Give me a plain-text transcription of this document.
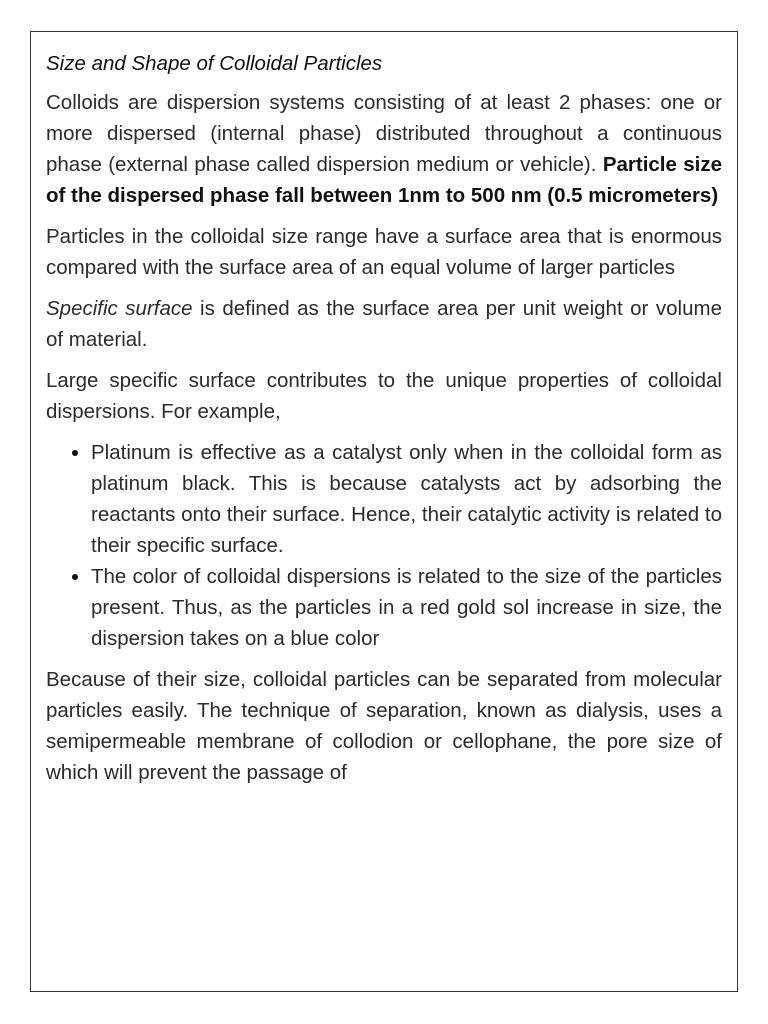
Size and Shape of Colloidal Particles

Colloids are dispersion systems consisting of at least 2 phases: one or more dispersed (internal phase) distributed throughout a continuous phase (external phase called dispersion medium or vehicle). Particle size of the dispersed phase fall between 1nm to 500 nm (0.5 micrometers)

Particles in the colloidal size range have a surface area that is enormous compared with the surface area of an equal volume of larger particles

Specific surface is defined as the surface area per unit weight or volume of material.

Large specific surface contributes to the unique properties of colloidal dispersions. For example,

• Platinum is effective as a catalyst only when in the colloidal form as platinum black. This is because catalysts act by adsorbing the reactants onto their surface. Hence, their catalytic activity is related to their specific surface.
• The color of colloidal dispersions is related to the size of the particles present. Thus, as the particles in a red gold sol increase in size, the dispersion takes on a blue color

Because of their size, colloidal particles can be separated from molecular particles easily. The technique of separation, known as dialysis, uses a semipermeable membrane of collodion or cellophane, the pore size of which will prevent the passage of
